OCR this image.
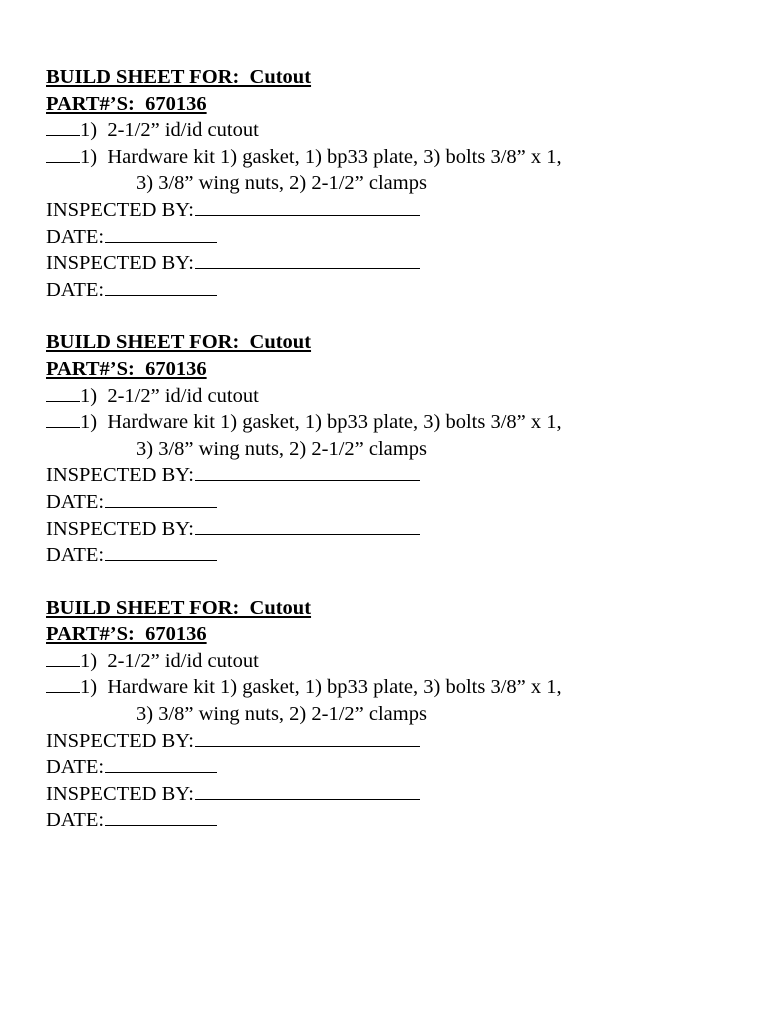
BUILD SHEET FOR:  Cutout
PART#’S:  670136
1)  2-1/2” id/id cutout
1)  Hardware kit 1) gasket, 1) bp33 plate, 3) bolts 3/8” x 1,
3) 3/8” wing nuts, 2) 2-1/2” clamps
INSPECTED BY:
DATE:
INSPECTED BY:
DATE:
BUILD SHEET FOR:  Cutout
PART#’S:  670136
1)  2-1/2” id/id cutout
1)  Hardware kit 1) gasket, 1) bp33 plate, 3) bolts 3/8” x 1,
3) 3/8” wing nuts, 2) 2-1/2” clamps
INSPECTED BY:
DATE:
INSPECTED BY:
DATE:
BUILD SHEET FOR:  Cutout
PART#’S:  670136
1)  2-1/2” id/id cutout
1)  Hardware kit 1) gasket, 1) bp33 plate, 3) bolts 3/8” x 1,
3) 3/8” wing nuts, 2) 2-1/2” clamps
INSPECTED BY:
DATE:
INSPECTED BY:
DATE:
